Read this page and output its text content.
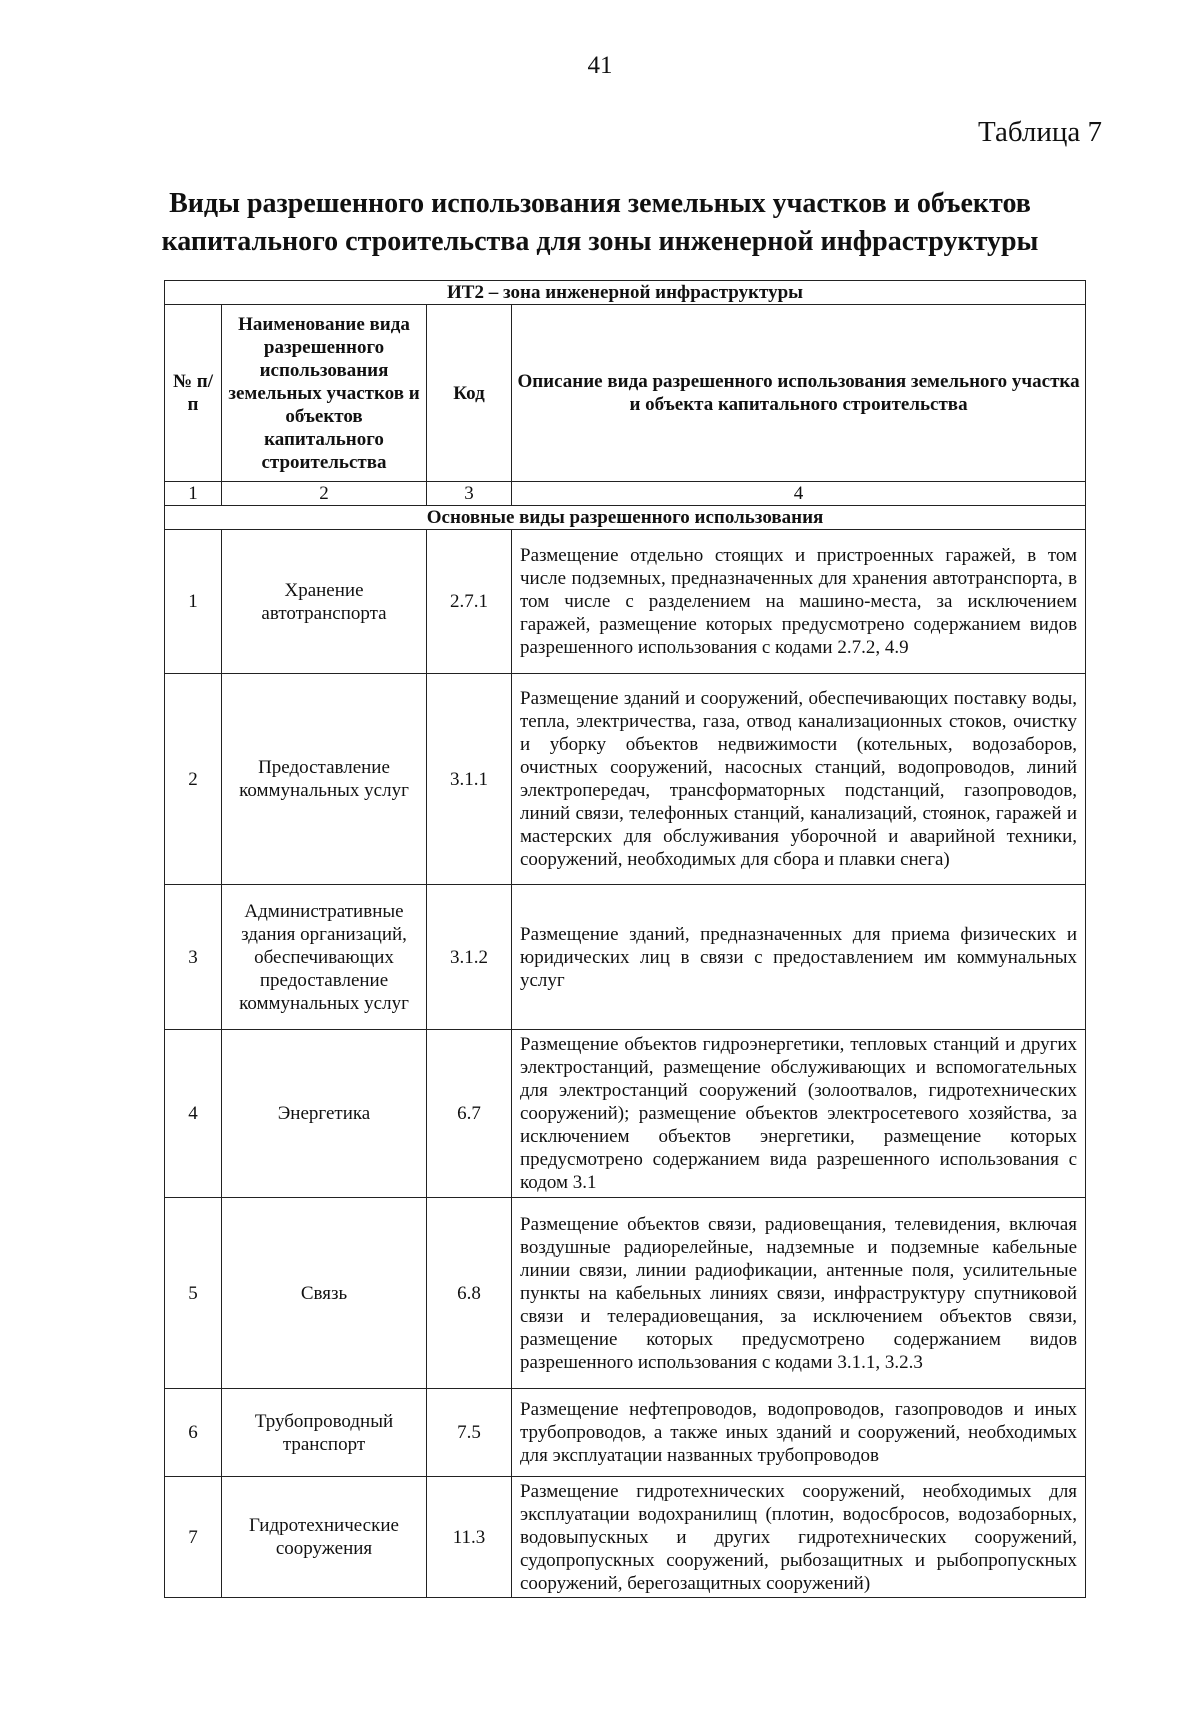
41
Таблица 7
Виды разрешенного использования земельных участков и объектов
капитального строительства для зоны инженерной инфраструктуры
ИТ2 – зона инженерной инфраструктуры			
№ п/п	Наименование вида разрешенного использования земельных участков и объектов капитального строительства	Код	Описание вида разрешенного использования земельного участка и объекта капитального строительства
1	2	3	4
Основные виды разрешенного использования			
1	Хранение автотранспорта	2.7.1	Размещение отдельно стоящих и пристроенных гаражей, в том числе подземных, предназначенных для хранения автотранспорта, в том числе с разделением на машино-места, за исключением гаражей, размещение которых предусмотрено содержанием видов разрешенного использования с кодами 2.7.2, 4.9
2	Предоставление коммунальных услуг	3.1.1	Размещение зданий и сооружений, обеспечивающих поставку воды, тепла, электричества, газа, отвод канализационных стоков, очистку и уборку объектов недвижимости (котельных, водозаборов, очистных сооружений, насосных станций, водопроводов, линий электропередач, трансформаторных подстанций, газопроводов, линий связи, телефонных станций, канализаций, стоянок, гаражей и мастерских для обслуживания уборочной и аварийной техники, сооружений, необходимых для сбора и плавки снега)
3	Административные здания организаций, обеспечивающих предоставление коммунальных услуг	3.1.2	Размещение зданий, предназначенных для приема физических и юридических лиц в связи с предоставлением им коммунальных услуг
4	Энергетика	6.7	Размещение объектов гидроэнергетики, тепловых станций и других электростанций, размещение обслуживающих и вспомогательных для электростанций сооружений (золоотвалов, гидротехнических сооружений); размещение объектов электросетевого хозяйства, за исключением объектов энергетики, размещение которых предусмотрено содержанием вида разрешенного использования с кодом 3.1
5	Связь	6.8	Размещение объектов связи, радиовещания, телевидения, включая воздушные радиорелейные, надземные и подземные кабельные линии связи, линии радиофикации, антенные поля, усилительные пункты на кабельных линиях связи, инфраструктуру спутниковой связи и телерадиовещания, за исключением объектов связи, размещение которых предусмотрено содержанием видов разрешенного использования с кодами 3.1.1, 3.2.3
6	Трубопроводный транспорт	7.5	Размещение нефтепроводов, водопроводов, газопроводов и иных трубопроводов, а также иных зданий и сооружений, необходимых для эксплуатации названных трубопроводов
7	Гидротехнические сооружения	11.3	Размещение гидротехнических сооружений, необходимых для эксплуатации водохранилищ (плотин, водосбросов, водозаборных, водовыпускных и других гидротехнических сооружений, судопропускных сооружений, рыбозащитных и рыбопропускных сооружений, берегозащитных сооружений)
